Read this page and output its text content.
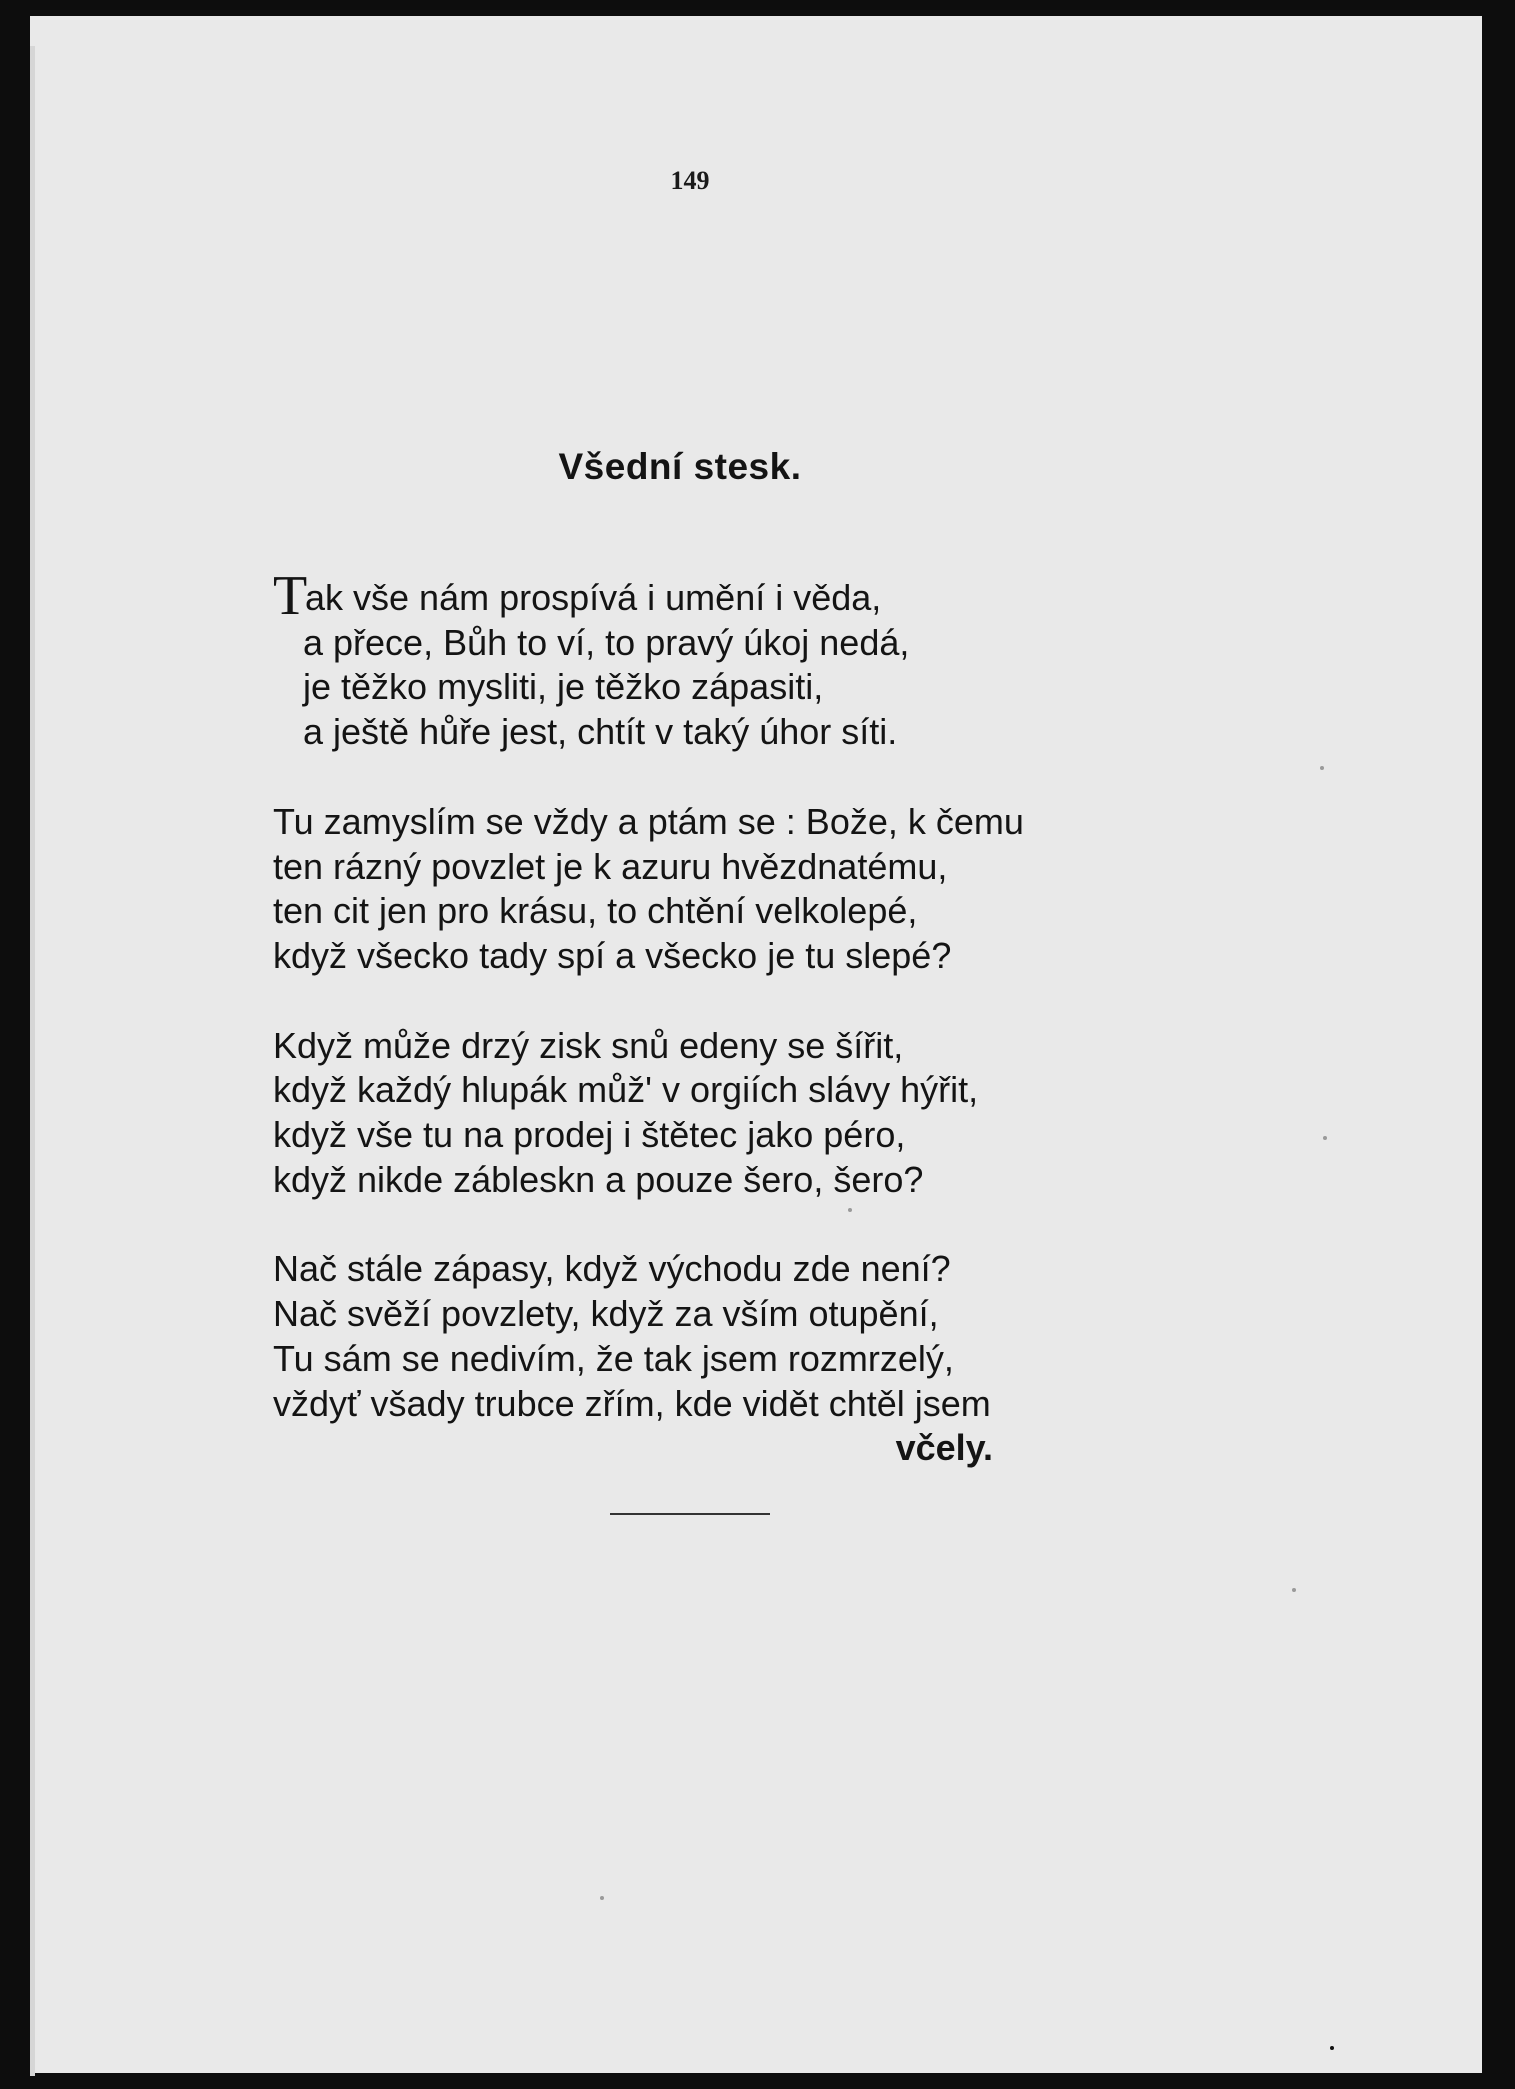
149
Všední stesk.
Tak vše nám prospívá i umění i věda,
a přece, Bůh to ví, to pravý úkoj nedá,
je těžko mysliti, je těžko zápasiti,
a ještě hůře jest, chtít v taký úhor síti.
Tu zamyslím se vždy a ptám se : Bože, k čemu
ten rázný povzlet je k azuru hvězdnatému,
ten cit jen pro krásu, to chtění velkolepé,
když všecko tady spí a všecko je tu slepé?
Když může drzý zisk snů edeny se šířit,
když každý hlupák můž' v orgiích slávy hýřit,
když vše tu na prodej i štětec jako péro,
když nikde zábleskn a pouze šero, šero?
Nač stále zápasy, když východu zde není?
Nač svěží povzlety, když za vším otupění,
Tu sám se nedivím, že tak jsem rozmrzelý,
vždyť všady trubce zřím, kde vidět chtěl jsem
včely.
